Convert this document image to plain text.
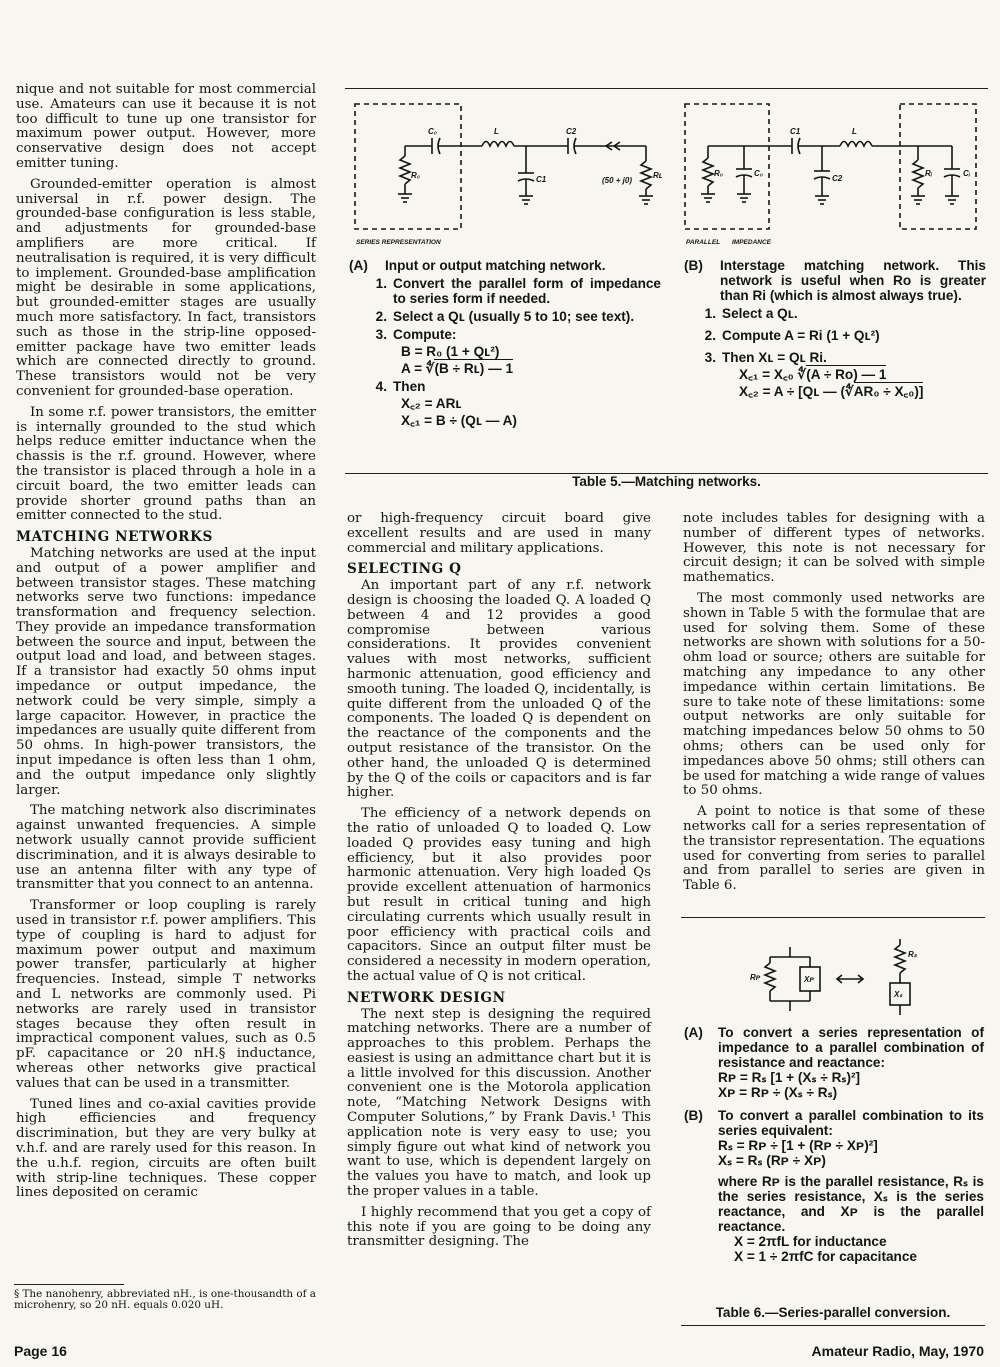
nique and not suitable for most commercial use. Amateurs can use it because it is not too difficult to tune up one transistor for maximum power output. However, more conservative design does not accept emitter tuning.

Grounded-emitter operation is almost universal in r.f. power design. The grounded-base configuration is less stable, and adjustments for grounded-base amplifiers are more critical. If neutralisation is required, it is very difficult to implement. Grounded-base amplification might be desirable in some applications, but grounded-emitter stages are usually much more satisfactory. In fact, transistors such as those in the strip-line opposed-emitter package have two emitter leads which are connected directly to ground. These transistors would not be very convenient for grounded-base operation.

In some r.f. power transistors, the emitter is internally grounded to the stud which helps reduce emitter inductance when the chassis is the r.f. ground. However, where the transistor is placed through a hole in a circuit board, the two emitter leads can provide shorter ground paths than an emitter connected to the stud.

MATCHING NETWORKS

Matching networks are used at the input and output of a power amplifier and between transistor stages. These matching networks serve two functions: impedance transformation and frequency selection. They provide an impedance transformation between the source and input, between the output load and load, and between stages. If a transistor had exactly 50 ohms input impedance or output impedance, the network could be very simple, simply a large capacitor. However, in practice the impedances are usually quite different from 50 ohms. In high-power transistors, the input impedance is often less than 1 ohm, and the output impedance only slightly larger.

The matching network also discriminates against unwanted frequencies. A simple network usually cannot provide sufficient discrimination, and it is always desirable to use an antenna filter with any type of transmitter that you connect to an antenna.

Transformer or loop coupling is rarely used in transistor r.f. power amplifiers. This type of coupling is hard to adjust for maximum power output and maximum power transfer, particularly at higher frequencies. Instead, simple T networks and L networks are commonly used. Pi networks are rarely used in transistor stages because they often result in impractical component values, such as 0.5 pF. capacitance or 20 nH.§ inductance, whereas other networks give practical values that can be used in a transmitter.

Tuned lines and co-axial cavities provide high efficiencies and frequency discrimination, but they are very bulky at v.h.f. and are rarely used for this reason. In the u.h.f. region, circuits are often built with strip-line techniques. These copper lines deposited on ceramic

§ The nanohenry, abbreviated nH., is one-thousandth of a microhenry, so 20 nH. equals 0.020 uH.
C₀
R₀
L
C1
C2
(50 + j0)
Rʟ
SERIES REPRESENTATION
R₀	C₀
C1
C2
L
Rᵢ	Cᵢ
PARALLEL IMPEDANCE
(A)	Input or output matching network.
1. Convert the parallel form of impedance to series form if needed.
2. Select a Qʟ (usually 5 to 10; see text).
3. Compute:
B = R₀ (1 + Qʟ²)
A = ∜(B ÷ Rʟ) — 1
4. Then
X꜀₂ = ARʟ
X꜀₁ = B ÷ (Qʟ — A)
(B)	Interstage matching network. This network is useful when Ro is greater than Ri (which is almost always true).
1. Select a Qʟ.
2. Compute A = Ri (1 + Qʟ²)
3. Then Xʟ = Qʟ Ri.
X꜀₁ = X꜀₀ ∜(A ÷ Ro) — 1
X꜀₂ = A ÷ [Qʟ — (∜AR₀ ÷ X꜀₀)]
Table 5.—Matching networks.

or high-frequency circuit board give excellent results and are used in many commercial and military applications.

SELECTING Q

An important part of any r.f. network design is choosing the loaded Q. A loaded Q between 4 and 12 provides a good compromise between various considerations. It provides convenient values with most networks, sufficient harmonic attenuation, good efficiency and smooth tuning. The loaded Q, incidentally, is quite different from the unloaded Q of the components. The loaded Q is dependent on the reactance of the components and the output resistance of the transistor. On the other hand, the unloaded Q is determined by the Q of the coils or capacitors and is far higher.

The efficiency of a network depends on the ratio of unloaded Q to loaded Q. Low loaded Q provides easy tuning and high efficiency, but it also provides poor harmonic attenuation. Very high loaded Qs provide excellent attenuation of harmonics but result in critical tuning and high circulating currents which usually result in poor efficiency with practical coils and capacitors. Since an output filter must be considered a necessity in modern operation, the actual value of Q is not critical.

NETWORK DESIGN

The next step is designing the required matching networks. There are a number of approaches to this problem. Perhaps the easiest is using an admittance chart but it is a little involved for this discussion. Another convenient one is the Motorola application note, “Matching Network Designs with Computer Solutions,” by Frank Davis.¹ This application note is very easy to use; you simply figure out what kind of network you want to use, which is dependent largely on the values you have to match, and look up the proper values in a table.

I highly recommend that you get a copy of this note if you are going to be doing any transmitter designing. The

note includes tables for designing with a number of different types of networks. However, this note is not necessary for circuit design; it can be solved with simple mathematics.

The most commonly used networks are shown in Table 5 with the formulae that are used for solving them. Some of these networks are shown with solutions for a 50-ohm load or source; others are suitable for matching any impedance to any other impedance within certain limitations. Be sure to take note of these limitations: some output networks are only suitable for matching impedances below 50 ohms to 50 ohms; others can be used only for impedances above 50 ohms; still others can be used for matching a wide range of values to 50 ohms.

A point to notice is that some of these networks call for a series representation of the transistor representation. The equations used for converting from series to parallel and from parallel to series are given in Table 6.

Rᴘ	Xᴘ
Rₛ
Xₛ
(A)	To convert a series representation of impedance to a parallel combination of resistance and reactance:
Rᴘ = Rₛ [1 + (Xₛ ÷ Rₛ)²]
Xᴘ = Rᴘ ÷ (Xₛ ÷ Rₛ)
(B)	To convert a parallel combination to its series equivalent:
Rₛ = Rᴘ ÷ [1 + (Rᴘ ÷ Xᴘ)²]
Xₛ = Rₛ (Rᴘ ÷ Xᴘ)
where Rᴘ is the parallel resistance, Rₛ is the series resistance, Xₛ is the series reactance, and Xᴘ is the parallel reactance.
X = 2πfL for inductance
X = 1 ÷ 2πfC for capacitance
Table 6.—Series-parallel conversion.
Page 16	Amateur Radio, May, 1970
